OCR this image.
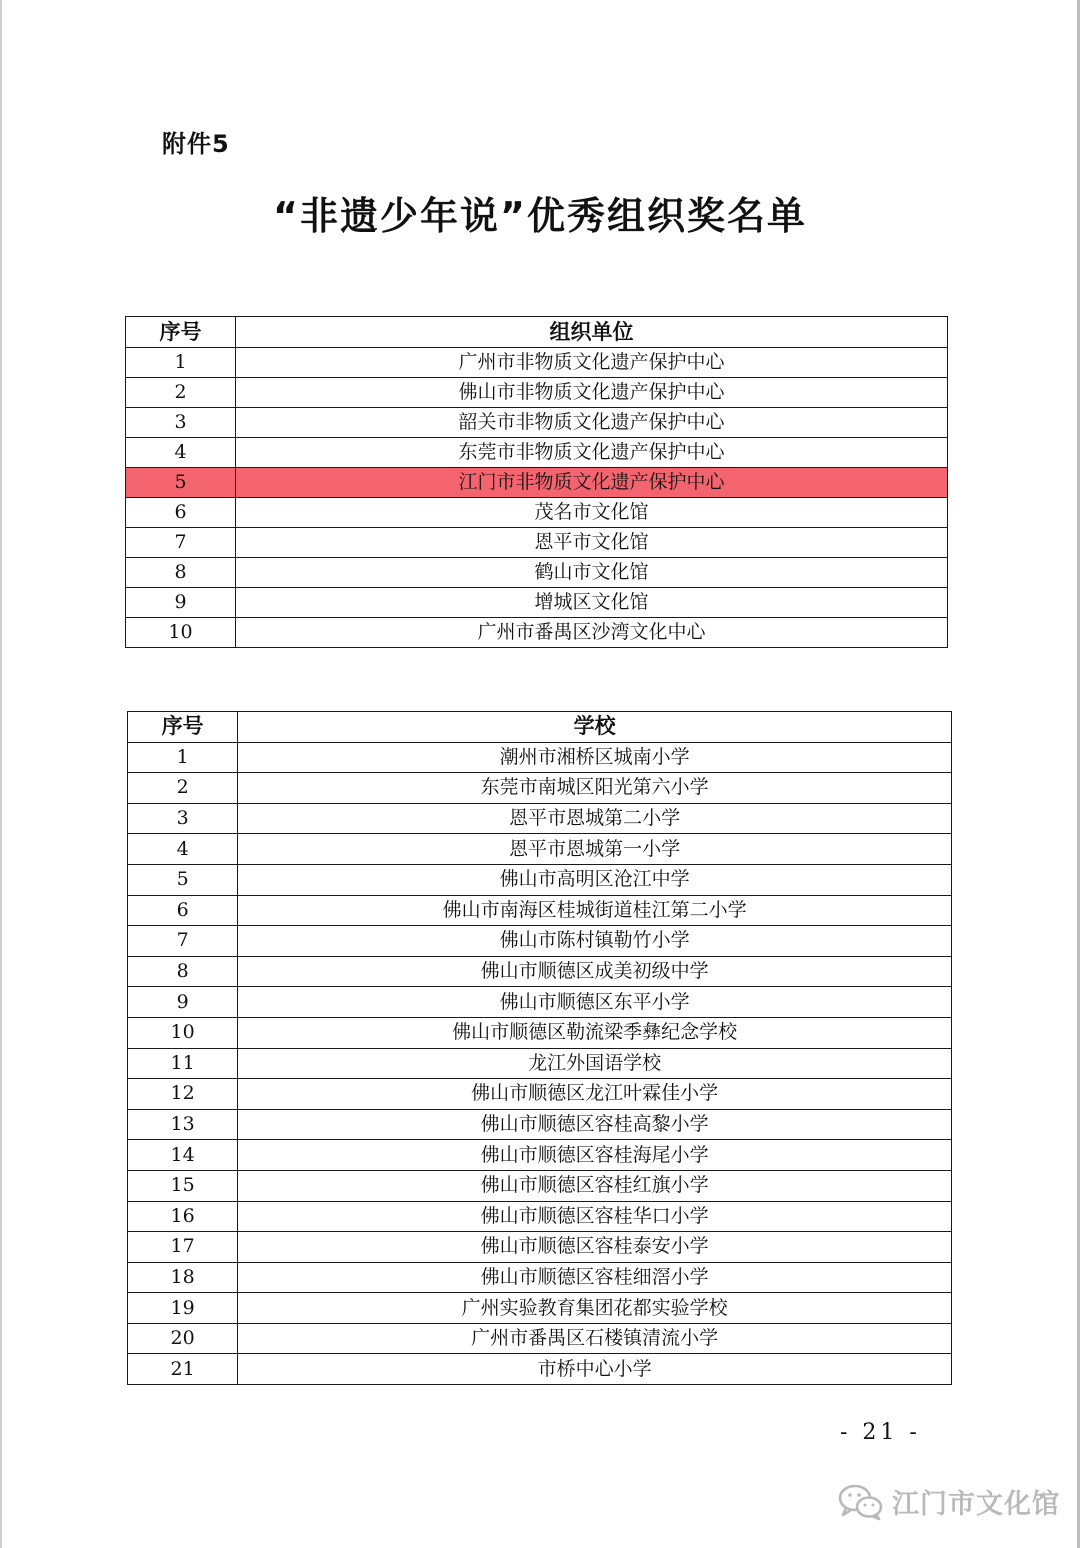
附件5
“非遗少年说”优秀组织奖名单
序号	组织单位
1	广州市非物质文化遗产保护中心
2	佛山市非物质文化遗产保护中心
3	韶关市非物质文化遗产保护中心
4	东莞市非物质文化遗产保护中心
5	江门市非物质文化遗产保护中心
6	茂名市文化馆
7	恩平市文化馆
8	鹤山市文化馆
9	增城区文化馆
10	广州市番禺区沙湾文化中心
序号	学校
1	潮州市湘桥区城南小学
2	东莞市南城区阳光第六小学
3	恩平市恩城第二小学
4	恩平市恩城第一小学
5	佛山市高明区沧江中学
6	佛山市南海区桂城街道桂江第二小学
7	佛山市陈村镇勒竹小学
8	佛山市顺德区成美初级中学
9	佛山市顺德区东平小学
10	佛山市顺德区勒流梁季彝纪念学校
11	龙江外国语学校
12	佛山市顺德区龙江叶霖佳小学
13	佛山市顺德区容桂高黎小学
14	佛山市顺德区容桂海尾小学
15	佛山市顺德区容桂红旗小学
16	佛山市顺德区容桂华口小学
17	佛山市顺德区容桂泰安小学
18	佛山市顺德区容桂细滘小学
19	广州实验教育集团花都实验学校
20	广州市番禺区石楼镇清流小学
21	市桥中心小学
- 21 -
江门市文化馆
